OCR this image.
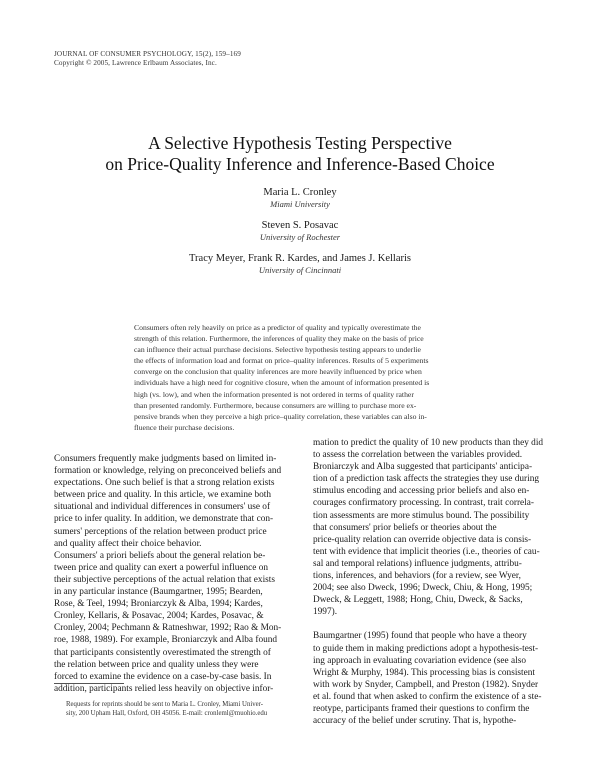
JOURNAL OF CONSUMER PSYCHOLOGY, 15(2), 159–169
Copyright © 2005, Lawrence Erlbaum Associates, Inc.
A Selective Hypothesis Testing Perspective
on Price-Quality Inference and Inference-Based Choice
Maria L. Cronley
Miami University
Steven S. Posavac
University of Rochester
Tracy Meyer, Frank R. Kardes, and James J. Kellaris
University of Cincinnati
Consumers often rely heavily on price as a predictor of quality and typically overestimate the
strength of this relation. Furthermore, the inferences of quality they make on the basis of price
can influence their actual purchase decisions. Selective hypothesis testing appears to underlie
the effects of information load and format on price–quality inferences. Results of 5 experiments
converge on the conclusion that quality inferences are more heavily influenced by price when
individuals have a high need for cognitive closure, when the amount of information presented is
high (vs. low), and when the information presented is not ordered in terms of quality rather
than presented randomly. Furthermore, because consumers are willing to purchase more ex-
pensive brands when they perceive a high price–quality correlation, these variables can also in-
fluence their purchase decisions.
Consumers frequently make judgments based on limited in-
formation or knowledge, relying on preconceived beliefs and
expectations. One such belief is that a strong relation exists
between price and quality. In this article, we examine both
situational and individual differences in consumers' use of
price to infer quality. In addition, we demonstrate that con-
sumers' perceptions of the relation between product price
and quality affect their choice behavior.
Consumers' a priori beliefs about the general relation be-
tween price and quality can exert a powerful influence on
their subjective perceptions of the actual relation that exists
in any particular instance (Baumgartner, 1995; Bearden,
Rose, & Teel, 1994; Broniarczyk & Alba, 1994; Kardes,
Cronley, Kellaris, & Posavac, 2004; Kardes, Posavac, &
Cronley, 2004; Pechmann & Ratneshwar, 1992; Rao & Mon-
roe, 1988, 1989). For example, Broniarczyk and Alba found
that participants consistently overestimated the strength of
the relation between price and quality unless they were
forced to examine the evidence on a case-by-case basis. In
addition, participants relied less heavily on objective infor-
mation to predict the quality of 10 new products than they did
to assess the correlation between the variables provided.
Broniarczyk and Alba suggested that participants' anticipa-
tion of a prediction task affects the strategies they use during
stimulus encoding and accessing prior beliefs and also en-
courages confirmatory processing. In contrast, trait correla-
tion assessments are more stimulus bound. The possibility
that consumers' prior beliefs or theories about the
price-quality relation can override objective data is consis-
tent with evidence that implicit theories (i.e., theories of cau-
sal and temporal relations) influence judgments, attribu-
tions, inferences, and behaviors (for a review, see Wyer,
2004; see also Dweck, 1996; Dweck, Chiu, & Hong, 1995;
Dweck, & Leggett, 1988; Hong, Chiu, Dweck, & Sacks,
1997).
Baumgartner (1995) found that people who have a theory
to guide them in making predictions adopt a hypothesis-test-
ing approach in evaluating covariation evidence (see also
Wright & Murphy, 1984). This processing bias is consistent
with work by Snyder, Campbell, and Preston (1982). Snyder
et al. found that when asked to confirm the existence of a ste-
reotype, participants framed their questions to confirm the
accuracy of the belief under scrutiny. That is, hypothe-
Requests for reprints should be sent to Maria L. Cronley, Miami Univer-
sity, 200 Upham Hall, Oxford, OH 45056. E-mail: cronleml@muohio.edu
